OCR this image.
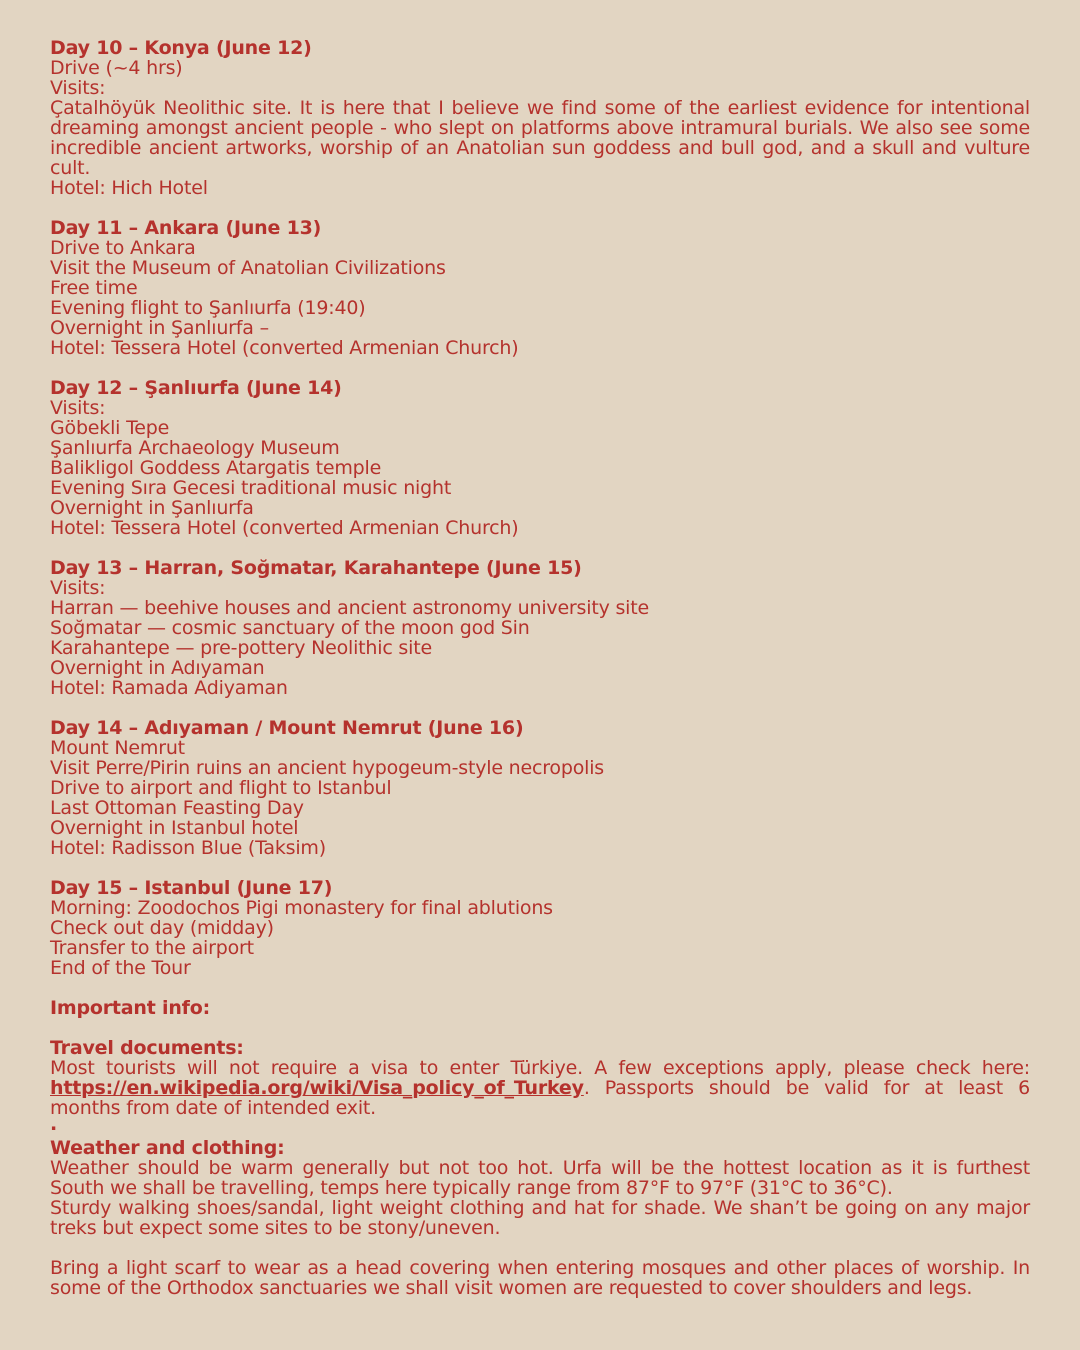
Day 10 – Konya (June 12)
Drive (~4 hrs)
Visits:
Çatalhöyük Neolithic site. It is here that I believe we find some of the earliest evidence for intentional dreaming amongst ancient people - who slept on platforms above intramural burials. We also see some incredible ancient artworks, worship of an Anatolian sun goddess and bull god, and a skull and vulture cult.
Hotel: Hich Hotel
Day 11 – Ankara (June 13)
Drive to Ankara
Visit the Museum of Anatolian Civilizations
Free time
Evening flight to Şanlıurfa (19:40)
Overnight in Şanlıurfa –
Hotel: Tessera Hotel (converted Armenian Church)
Day 12 – Şanlıurfa (June 14)
Visits:
Göbekli Tepe
Şanlıurfa Archaeology Museum
Balikligol Goddess Atargatis temple
Evening Sıra Gecesi traditional music night
Overnight in Şanlıurfa
Hotel: Tessera Hotel (converted Armenian Church)
Day 13 – Harran, Soğmatar, Karahantepe (June 15)
Visits:
Harran — beehive houses and ancient astronomy university site
Soğmatar — cosmic sanctuary of the moon god Sin
Karahantepe — pre-pottery Neolithic site
Overnight in Adıyaman
Hotel: Ramada Adiyaman
Day 14 – Adıyaman / Mount Nemrut (June 16)
Mount Nemrut
Visit Perre/Pirin ruins an ancient hypogeum-style necropolis
Drive to airport and flight to Istanbul
Last Ottoman Feasting Day
Overnight in Istanbul hotel
Hotel: Radisson Blue (Taksim)
Day 15 – Istanbul (June 17)
Morning: Zoodochos Pigi monastery for final ablutions
Check out day (midday)
Transfer to the airport
End of the Tour
Important info:
Travel documents:
Most tourists will not require a visa to enter Türkiye. A few exceptions apply, please check here: https://en.wikipedia.org/wiki/Visa_policy_of_Turkey. Passports should be valid for at least 6 months from date of intended exit.
.
Weather and clothing:
Weather should be warm generally but not too hot. Urfa will be the hottest location as it is furthest South we shall be travelling, temps here typically range from 87°F to 97°F (31°C to 36°C).
Sturdy walking shoes/sandal, light weight clothing and hat for shade. We shan’t be going on any major treks but expect some sites to be stony/uneven.
Bring a light scarf to wear as a head covering when entering mosques and other places of worship. In some of the Orthodox sanctuaries we shall visit women are requested to cover shoulders and legs.
